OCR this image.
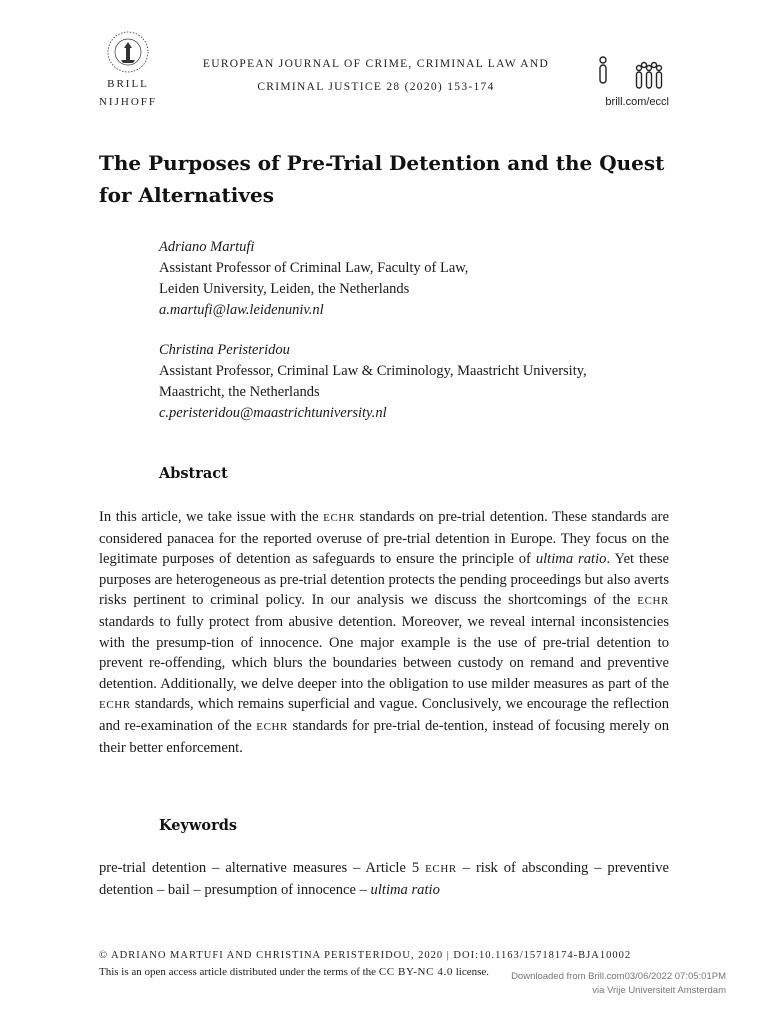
BRILL
NIJHOFF
EUROPEAN JOURNAL OF CRIME, CRIMINAL LAW AND
CRIMINAL JUSTICE 28 (2020) 153-174
brill.com/eccl
The Purposes of Pre-Trial Detention and the Quest for Alternatives
Adriano Martufi
Assistant Professor of Criminal Law, Faculty of Law,
Leiden University, Leiden, the Netherlands
a.martufi@law.leidenuniv.nl
Christina Peristeridou
Assistant Professor, Criminal Law & Criminology, Maastricht University,
Maastricht, the Netherlands
c.peristeridou@maastrichtuniversity.nl
Abstract

In this article, we take issue with the ECHR standards on pre-trial detention. These standards are considered panacea for the reported overuse of pre-trial detention in Europe. They focus on the legitimate purposes of detention as safeguards to ensure the principle of ultima ratio. Yet these purposes are heterogeneous as pre-trial detention protects the pending proceedings but also averts risks pertinent to criminal policy. In our analysis we discuss the shortcomings of the ECHR standards to fully protect from abusive detention. Moreover, we reveal internal inconsistencies with the presump-tion of innocence. One major example is the use of pre-trial detention to prevent re-offending, which blurs the boundaries between custody on remand and preventive detention. Additionally, we delve deeper into the obligation to use milder measures as part of the ECHR standards, which remains superficial and vague. Conclusively, we encourage the reflection and re-examination of the ECHR standards for pre-trial de-tention, instead of focusing merely on their better enforcement.

Keywords

pre-trial detention – alternative measures – Article 5 ECHR – risk of absconding – preventive detention – bail – presumption of innocence – ultima ratio

© ADRIANO MARTUFI AND CHRISTINA PERISTERIDOU, 2020 | DOI:10.1163/15718174-BJA10002
This is an open access article distributed under the terms of the CC BY-NC 4.0 license.	Downloaded from Brill.com03/06/2022 07:05:01PM
via Vrije Universiteit Amsterdam
